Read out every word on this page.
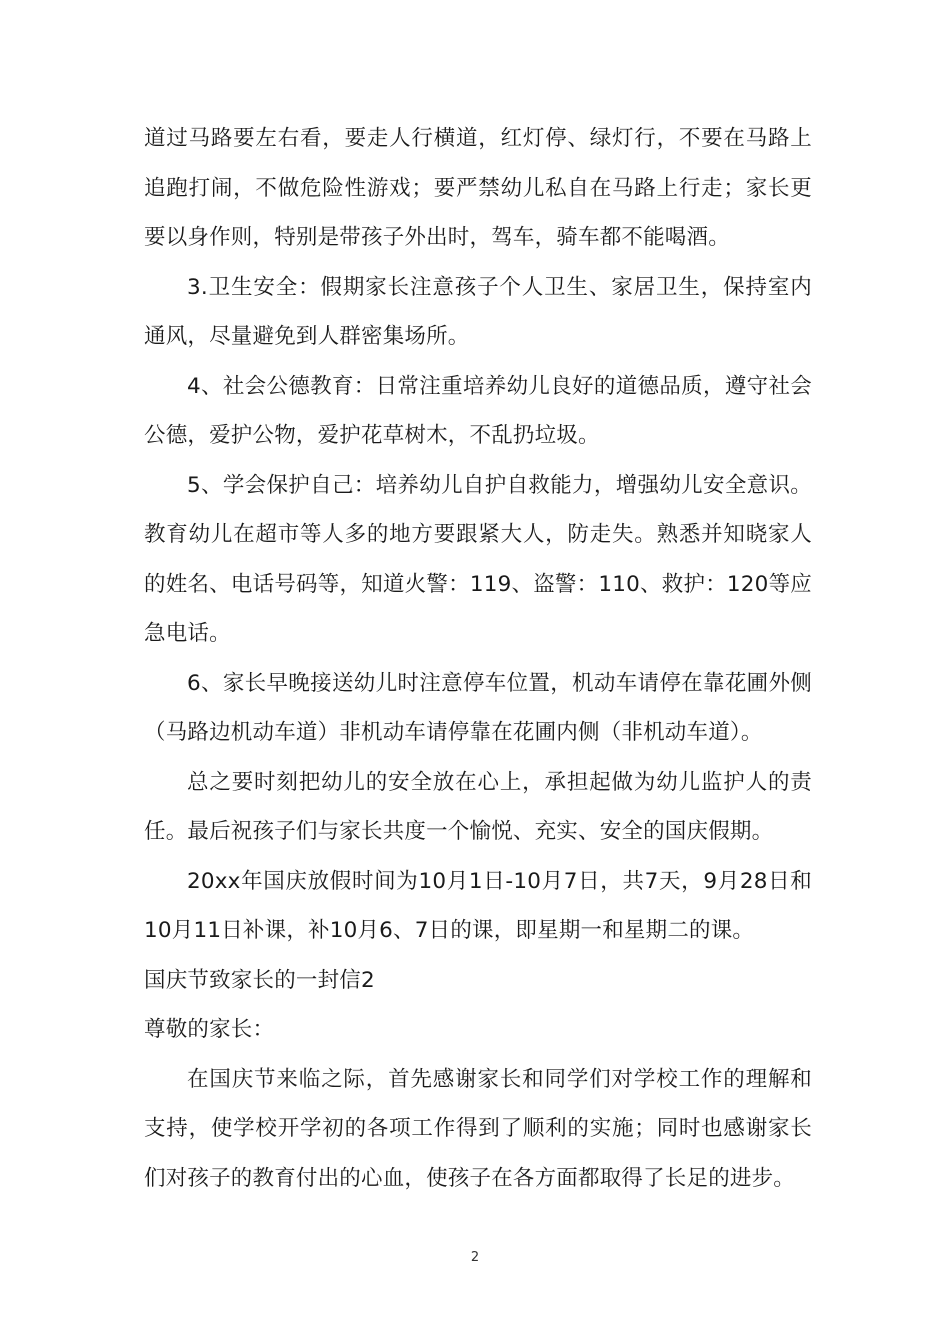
道过马路要左右看，要走人行横道，红灯停、绿灯行，不要在马路上追跑打闹，不做危险性游戏；要严禁幼儿私自在马路上行走；家长更要以身作则，特别是带孩子外出时，驾车，骑车都不能喝酒。

3.卫生安全：假期家长注意孩子个人卫生、家居卫生，保持室内通风，尽量避免到人群密集场所。

4、社会公德教育：日常注重培养幼儿良好的道德品质，遵守社会公德，爱护公物，爱护花草树木，不乱扔垃圾。

5、学会保护自己：培养幼儿自护自救能力，增强幼儿安全意识。教育幼儿在超市等人多的地方要跟紧大人，防走失。熟悉并知晓家人的姓名、电话号码等，知道火警：119、盗警：110、救护：120等应急电话。

6、家长早晚接送幼儿时注意停车位置，机动车请停在靠花圃外侧（马路边机动车道）非机动车请停靠在花圃内侧（非机动车道）。

总之要时刻把幼儿的安全放在心上，承担起做为幼儿监护人的责任。最后祝孩子们与家长共度一个愉悦、充实、安全的国庆假期。

20xx年国庆放假时间为10月1日-10月7日，共7天，9月28日和10月11日补课，补10月6、7日的课，即星期一和星期二的课。

国庆节致家长的一封信2

尊敬的家长：

在国庆节来临之际，首先感谢家长和同学们对学校工作的理解和支持，使学校开学初的各项工作得到了顺利的实施；同时也感谢家长们对孩子的教育付出的心血，使孩子在各方面都取得了长足的进步。

2
